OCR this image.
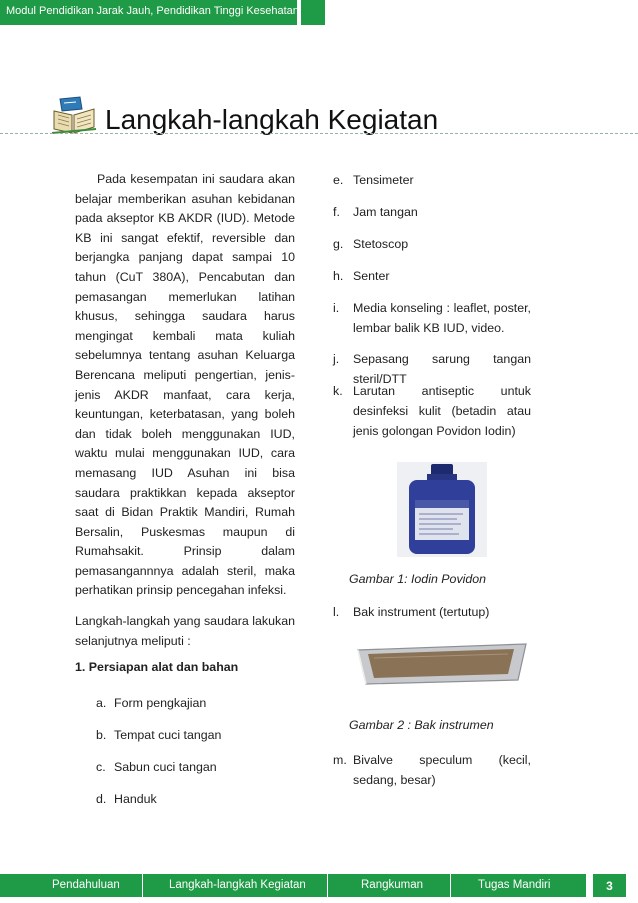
Modul Pendidikan Jarak Jauh, Pendidikan Tinggi Kesehatan
Langkah-langkah Kegiatan

Pada kesempatan ini saudara akan belajar memberikan asuhan kebidanan pada akseptor KB AKDR (IUD). Metode KB ini sangat efektif, reversible dan berjangka panjang dapat sampai 10 tahun (CuT 380A), Pencabutan dan pemasangan memerlukan latihan khusus, sehingga saudara harus mengingat kembali mata kuliah sebelumnya tentang asuhan Keluarga Berencana meliputi pengertian, jenis-jenis AKDR manfaat, cara kerja, keuntungan, keterbatasan, yang boleh dan tidak boleh menggunakan IUD, waktu mulai menggunakan IUD, cara memasang IUD Asuhan ini bisa saudara praktikkan kepada akseptor saat di Bidan Praktik Mandiri, Rumah Bersalin, Puskesmas maupun di Rumahsakit. Prinsip dalam pemasangannnya adalah steril, maka perhatikan prinsip pencegahan infeksi.

Langkah-langkah yang saudara lakukan selanjutnya meliputi :

1. Persiapan alat dan bahan
a. Form pengkajian
b. Tempat cuci tangan
c. Sabun cuci tangan
d. Handuk
e. Tensimeter
f. Jam tangan
g. Stetoscop
h. Senter
i. Media konseling : leaflet, poster, lembar balik KB IUD, video.
j. Sepasang sarung tangan steril/DTT
k. Larutan antiseptic untuk desinfeksi kulit (betadin atau jenis golongan Povidon Iodin)
Gambar 1: Iodin Povidon
l. Bak instrument (tertutup)
Gambar 2 : Bak instrumen
m. Bivalve speculum (kecil, sedang, besar)
Pendahuluan	Langkah-langkah Kegiatan	Rangkuman	Tugas Mandiri	3
